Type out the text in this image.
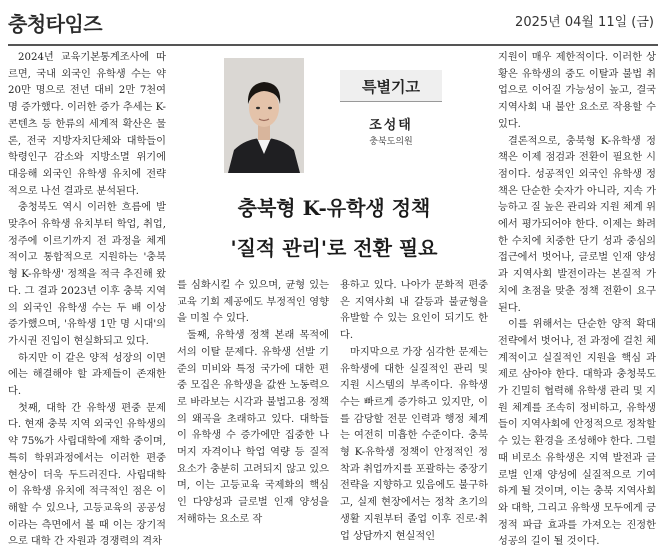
충청타임즈	2025년 04월 11일 (금)

2024년 교육기본통계조사에 따르면, 국내 외국인 유학생 수는 약 20만 명으로 전년 대비 2만 7천여 명 증가했다. 이러한 증가 추세는 K-콘텐츠 등 한류의 세계적 확산은 물론, 전국 지방자치단체와 대학들이 학령인구 감소와 지방소멸 위기에 대응해 외국인 유학생 유치에 전략적으로 나선 결과로 분석된다.

충청북도 역시 이러한 흐름에 발맞추어 유학생 유치부터 학업, 취업, 정주에 이르기까지 전 과정을 체계적이고 통합적으로 지원하는 '충북형 K-유학생' 정책을 적극 추진해 왔다. 그 결과 2023년 이후 충북 지역의 외국인 유학생 수는 두 배 이상 증가했으며, '유학생 1만 명 시대'의 가시권 진입이 현실화되고 있다.

하지만 이 같은 양적 성장의 이면에는 해결해야 할 과제들이 존재한다.

첫째, 대학 간 유학생 편중 문제다. 현재 충북 지역 외국인 유학생의 약 75%가 사립대학에 재학 중이며, 특히 학위과정에서는 이러한 편중 현상이 더욱 두드러진다. 사립대학이 유학생 유치에 적극적인 점은 이해할 수 있으나, 고등교육의 공공성이라는 측면에서 볼 때 이는 장기적으로 대학 간 자원과 경쟁력의 격차

특별기고
조성태
충북도의원
충북형 K-유학생 정책
'질적 관리'로 전환 필요

를 심화시킬 수 있으며, 균형 있는 교육 기회 제공에도 부정적인 영향을 미칠 수 있다.

둘째, 유학생 정책 본래 목적에서의 이탈 문제다. 유학생 선발 기준의 미비와 특정 국가에 대한 편중 모집은 유학생을 값싼 노동력으로 바라보는 시각과 불법고용 정책의 왜곡을 초래하고 있다. 대학들이 유학생 수 증가에만 집중한 나머지 자격이나 학업 역량 등 질적 요소가 충분히 고려되지 않고 있으며, 이는 고등교육 국제화의 핵심인 다양성과 글로벌 인재 양성을 저해하는 요소로 작

용하고 있다. 나아가 문화적 편중은 지역사회 내 갈등과 불균형을 유발할 수 있는 요인이 되기도 한다.

마지막으로 가장 심각한 문제는 유학생에 대한 실질적인 관리 및 지원 시스템의 부족이다. 유학생 수는 빠르게 증가하고 있지만, 이를 감당할 전문 인력과 행정 체계는 여전히 미흡한 수준이다. 충북형 K-유학생 정책이 안정적인 정착과 취업까지를 포괄하는 중장기 전략을 지향하고 있음에도 불구하고, 실제 현장에서는 정착 초기의 생활 지원부터 졸업 이후 진로·취업 상담까지 현실적인

지원이 매우 제한적이다. 이러한 상황은 유학생의 중도 이탈과 불법 취업으로 이어질 가능성이 높고, 결국 지역사회 내 불안 요소로 작용할 수 있다.

결론적으로, 충북형 K-유학생 정책은 이제 점검과 전환이 필요한 시점이다. 성공적인 외국인 유학생 정책은 단순한 숫자가 아니라, 지속 가능하고 질 높은 관리와 지원 체계 위에서 평가되어야 한다. 이제는 화려한 수치에 치중한 단기 성과 중심의 접근에서 벗어나, 글로벌 인재 양성과 지역사회 발전이라는 본질적 가치에 초점을 맞춘 정책 전환이 요구된다.

이를 위해서는 단순한 양적 확대 전략에서 벗어나, 전 과정에 걸친 체계적이고 실질적인 지원을 핵심 과제로 삼아야 한다. 대학과 충청북도가 긴밀히 협력해 유학생 관리 및 지원 체계를 조속히 정비하고, 유학생들이 지역사회에 안정적으로 정착할 수 있는 환경을 조성해야 한다. 그럴 때 비로소 유학생은 지역 발전과 글로벌 인재 양성에 실질적으로 기여하게 될 것이며, 이는 충북 지역사회와 대학, 그리고 유학생 모두에게 긍정적 파급 효과를 가져오는 진정한 성공의 길이 될 것이다.
